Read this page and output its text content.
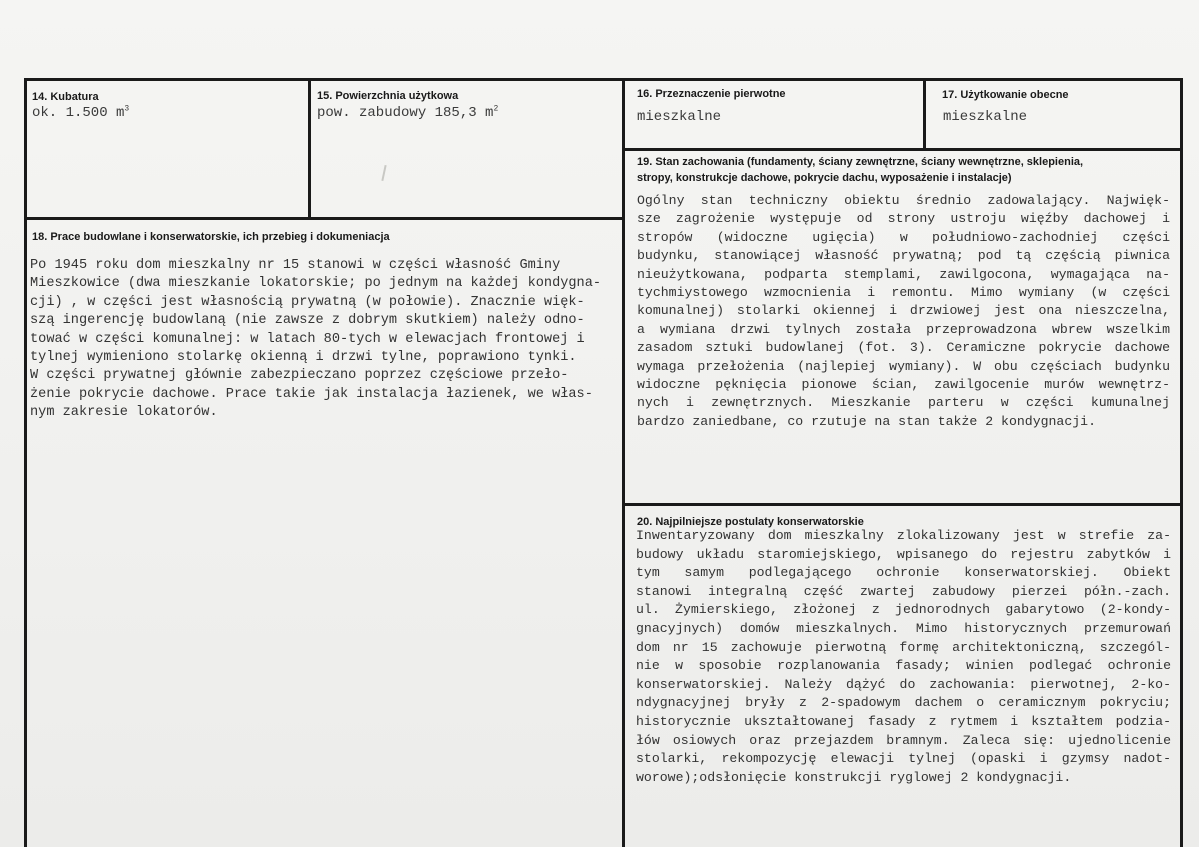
14. Kubatura
ok. 1.500 $m^3$
15. Powierzchnia użytkowa
pow. zabudowy 185,3 $m^2$
16. Przeznaczenie pierwotne
mieszkalne
17. Użytkowanie obecne
mieszkalne
18. Prace budowlane i konserwatorskie, ich przebieg i dokumeniacja
Po 1945 roku dom mieszkalny nr 15 stanowi w części własność Gminy
Mieszkowice (dwa mieszkanie lokatorskie; po jednym na każdej kondygna-
cji) , w części jest własnością prywatną (w połowie). Znacznie więk-
szą ingerencję budowlaną (nie zawsze z dobrym skutkiem) należy odno-
tować w części komunalnej: w latach 80-tych w elewacjach frontowej i
tylnej wymieniono stolarkę okienną i drzwi tylne, poprawiono tynki.
W części prywatnej głównie zabezpieczano poprzez częściowe przeło-
żenie pokrycie dachowe. Prace takie jak instalacja łazienek, we włas-
nym zakresie lokatorów.
19. Stan zachowania (fundamenty, ściany zewnętrzne, ściany wewnętrzne, sklepienia,
stropy, konstrukcje dachowe, pokrycie dachu, wyposażenie i instalacje)
Ogólny stan techniczny obiektu średnio zadowalający. Najwięk-
sze zagrożenie występuje od strony ustroju więźby dachowej i
stropów (widoczne ugięcia) w południowo-zachodniej części
budynku, stanowiącej własność prywatną; pod tą częścią piwnica
nieużytkowana, podparta stemplami, zawilgocona, wymagająca na-
tychmiystowego wzmocnienia i remontu. Mimo wymiany (w części
komunalnej) stolarki okiennej i drzwiowej jest ona nieszczelna,
a wymiana drzwi tylnych została przeprowadzona wbrew wszelkim
zasadom sztuki budowlanej (fot. 3). Ceramiczne pokrycie dachowe
wymaga przełożenia (najlepiej wymiany). W obu częściach budynku
widoczne pęknięcia pionowe ścian, zawilgocenie murów wewnętrz-
nych i zewnętrznych. Mieszkanie parteru w części kumunalnej
bardzo zaniedbane, co rzutuje na stan także 2 kondygnacji.
20. Najpilniejsze postulaty konserwatorskie
Inwentaryzowany dom mieszkalny zlokalizowany jest w strefie za-
budowy układu staromiejskiego, wpisanego do rejestru zabytków i
tym samym podlegającego ochronie konserwatorskiej. Obiekt
stanowi integralną część zwartej zabudowy pierzei półn.-zach.
ul. Żymierskiego, złożonej z jednorodnych gabarytowo (2-kondy-
gnacyjnych) domów mieszkalnych. Mimo historycznych przemurowań
dom nr 15 zachowuje pierwotną formę architektoniczną, szczegól-
nie w sposobie rozplanowania fasady; winien podlegać ochronie
konserwatorskiej. Należy dążyć do zachowania: pierwotnej, 2-ko-
ndygnacyjnej bryły z 2-spadowym dachem o ceramicznym pokryciu;
historycznie ukształtowanej fasady z rytmem i kształtem podzia-
łów osiowych oraz przejazdem bramnym. Zaleca się: ujednolicenie
stolarki, rekompozycję elewacji tylnej (opaski i gzymsy nadot-
worowe);odsłonięcie konstrukcji ryglowej 2 kondygnacji.
